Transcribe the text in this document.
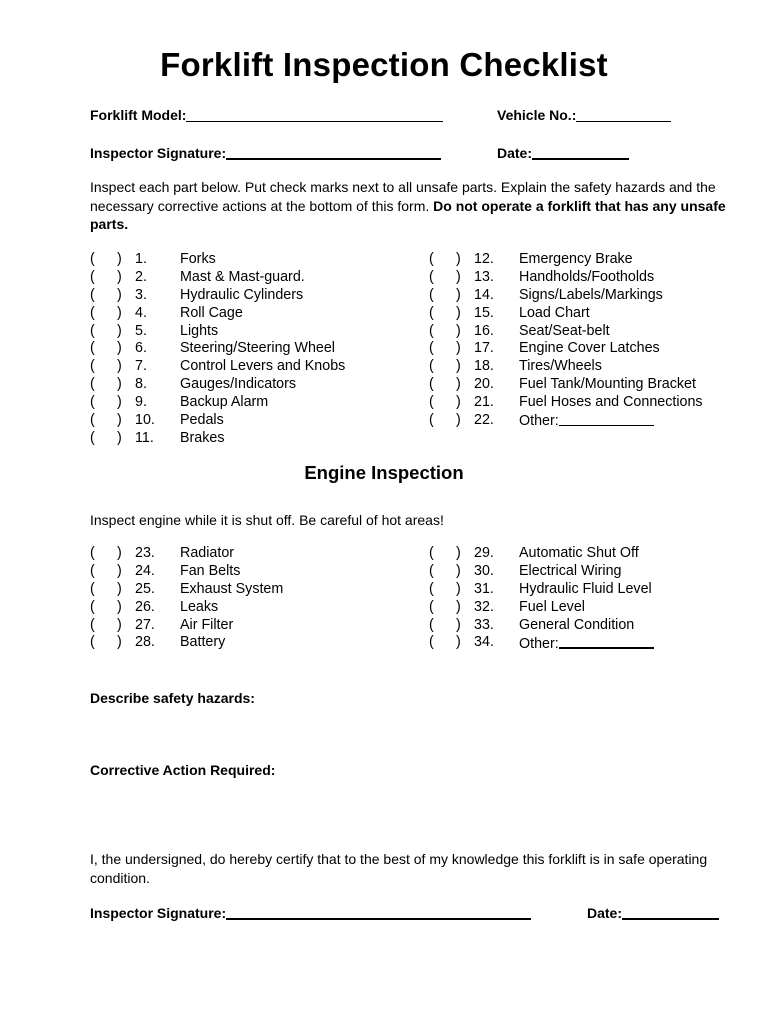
Forklift Inspection Checklist
Forklift Model:	Vehicle No.:
Inspector Signature:	Date:
Inspect each part below. Put check marks next to all unsafe parts. Explain the safety hazards and the necessary corrective actions at the bottom of this form. Do not operate a forklift that has any unsafe parts.
( ) 1. Forks
( ) 2. Mast & Mast-guard.
( ) 3. Hydraulic Cylinders
( ) 4. Roll Cage
( ) 5. Lights
( ) 6. Steering/Steering Wheel
( ) 7. Control Levers and Knobs
( ) 8. Gauges/Indicators
( ) 9. Backup Alarm
( ) 10. Pedals
( ) 11. Brakes
( ) 12. Emergency Brake
( ) 13. Handholds/Footholds
( ) 14. Signs/Labels/Markings
( ) 15. Load Chart
( ) 16. Seat/Seat-belt
( ) 17. Engine Cover Latches
( ) 18. Tires/Wheels
( ) 20. Fuel Tank/Mounting Bracket
( ) 21. Fuel Hoses and Connections
( ) 22. Other:
Engine Inspection
Inspect engine while it is shut off. Be careful of hot areas!
( ) 23. Radiator
( ) 24. Fan Belts
( ) 25. Exhaust System
( ) 26. Leaks
( ) 27. Air Filter
( ) 28. Battery
( ) 29. Automatic Shut Off
( ) 30. Electrical Wiring
( ) 31. Hydraulic Fluid Level
( ) 32. Fuel Level
( ) 33. General Condition
( ) 34. Other:
Describe safety hazards:
Corrective Action Required:
I, the undersigned, do hereby certify that to the best of my knowledge this forklift is in safe operating condition.
Inspector Signature:	Date:
